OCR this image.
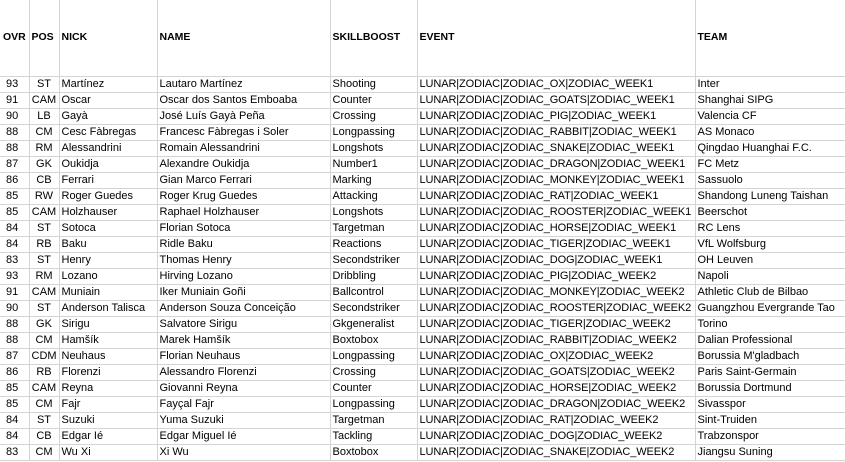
OVR	POS	NICK	NAME	SKILLBOOST	EVENT	TEAM
93	ST	Martínez	Lautaro Martínez	Shooting	LUNAR|ZODIAC|ZODIAC_OX|ZODIAC_WEEK1	Inter
91	CAM	Oscar	Oscar dos Santos Emboaba	Counter	LUNAR|ZODIAC|ZODIAC_GOATS|ZODIAC_WEEK1	Shanghai SIPG
90	LB	Gayà	José Luís Gayà Peña	Crossing	LUNAR|ZODIAC|ZODIAC_PIG|ZODIAC_WEEK1	Valencia CF
88	CM	Cesc Fàbregas	Francesc Fàbregas i Soler	Longpassing	LUNAR|ZODIAC|ZODIAC_RABBIT|ZODIAC_WEEK1	AS Monaco
88	RM	Alessandrini	Romain Alessandrini	Longshots	LUNAR|ZODIAC|ZODIAC_SNAKE|ZODIAC_WEEK1	Qingdao Huanghai F.C.
87	GK	Oukidja	Alexandre Oukidja	Number1	LUNAR|ZODIAC|ZODIAC_DRAGON|ZODIAC_WEEK1	FC Metz
86	CB	Ferrari	Gian Marco Ferrari	Marking	LUNAR|ZODIAC|ZODIAC_MONKEY|ZODIAC_WEEK1	Sassuolo
85	RW	Roger Guedes	Roger Krug Guedes	Attacking	LUNAR|ZODIAC|ZODIAC_RAT|ZODIAC_WEEK1	Shandong Luneng Taishan
85	CAM	Holzhauser	Raphael Holzhauser	Longshots	LUNAR|ZODIAC|ZODIAC_ROOSTER|ZODIAC_WEEK1	Beerschot
84	ST	Sotoca	Florian Sotoca	Targetman	LUNAR|ZODIAC|ZODIAC_HORSE|ZODIAC_WEEK1	RC Lens
84	RB	Baku	Ridle Baku	Reactions	LUNAR|ZODIAC|ZODIAC_TIGER|ZODIAC_WEEK1	VfL Wolfsburg
83	ST	Henry	Thomas Henry	Secondstriker	LUNAR|ZODIAC|ZODIAC_DOG|ZODIAC_WEEK1	OH Leuven
93	RM	Lozano	Hirving Lozano	Dribbling	LUNAR|ZODIAC|ZODIAC_PIG|ZODIAC_WEEK2	Napoli
91	CAM	Muniain	Iker Muniain Goñi	Ballcontrol	LUNAR|ZODIAC|ZODIAC_MONKEY|ZODIAC_WEEK2	Athletic Club de Bilbao
90	ST	Anderson Talisca	Anderson Souza Conceição	Secondstriker	LUNAR|ZODIAC|ZODIAC_ROOSTER|ZODIAC_WEEK2	Guangzhou Evergrande Tao
88	GK	Sirigu	Salvatore Sirigu	Gkgeneralist	LUNAR|ZODIAC|ZODIAC_TIGER|ZODIAC_WEEK2	Torino
88	CM	Hamšík	Marek Hamšík	Boxtobox	LUNAR|ZODIAC|ZODIAC_RABBIT|ZODIAC_WEEK2	Dalian Professional
87	CDM	Neuhaus	Florian Neuhaus	Longpassing	LUNAR|ZODIAC|ZODIAC_OX|ZODIAC_WEEK2	Borussia M'gladbach
86	RB	Florenzi	Alessandro Florenzi	Crossing	LUNAR|ZODIAC|ZODIAC_GOATS|ZODIAC_WEEK2	Paris Saint-Germain
85	CAM	Reyna	Giovanni Reyna	Counter	LUNAR|ZODIAC|ZODIAC_HORSE|ZODIAC_WEEK2	Borussia Dortmund
85	CM	Fajr	Fayçal Fajr	Longpassing	LUNAR|ZODIAC|ZODIAC_DRAGON|ZODIAC_WEEK2	Sivasspor
84	ST	Suzuki	Yuma Suzuki	Targetman	LUNAR|ZODIAC|ZODIAC_RAT|ZODIAC_WEEK2	Sint-Truiden
84	CB	Edgar Ié	Edgar Miguel Ié	Tackling	LUNAR|ZODIAC|ZODIAC_DOG|ZODIAC_WEEK2	Trabzonspor
83	CM	Wu Xi	Xi Wu	Boxtobox	LUNAR|ZODIAC|ZODIAC_SNAKE|ZODIAC_WEEK2	Jiangsu Suning
